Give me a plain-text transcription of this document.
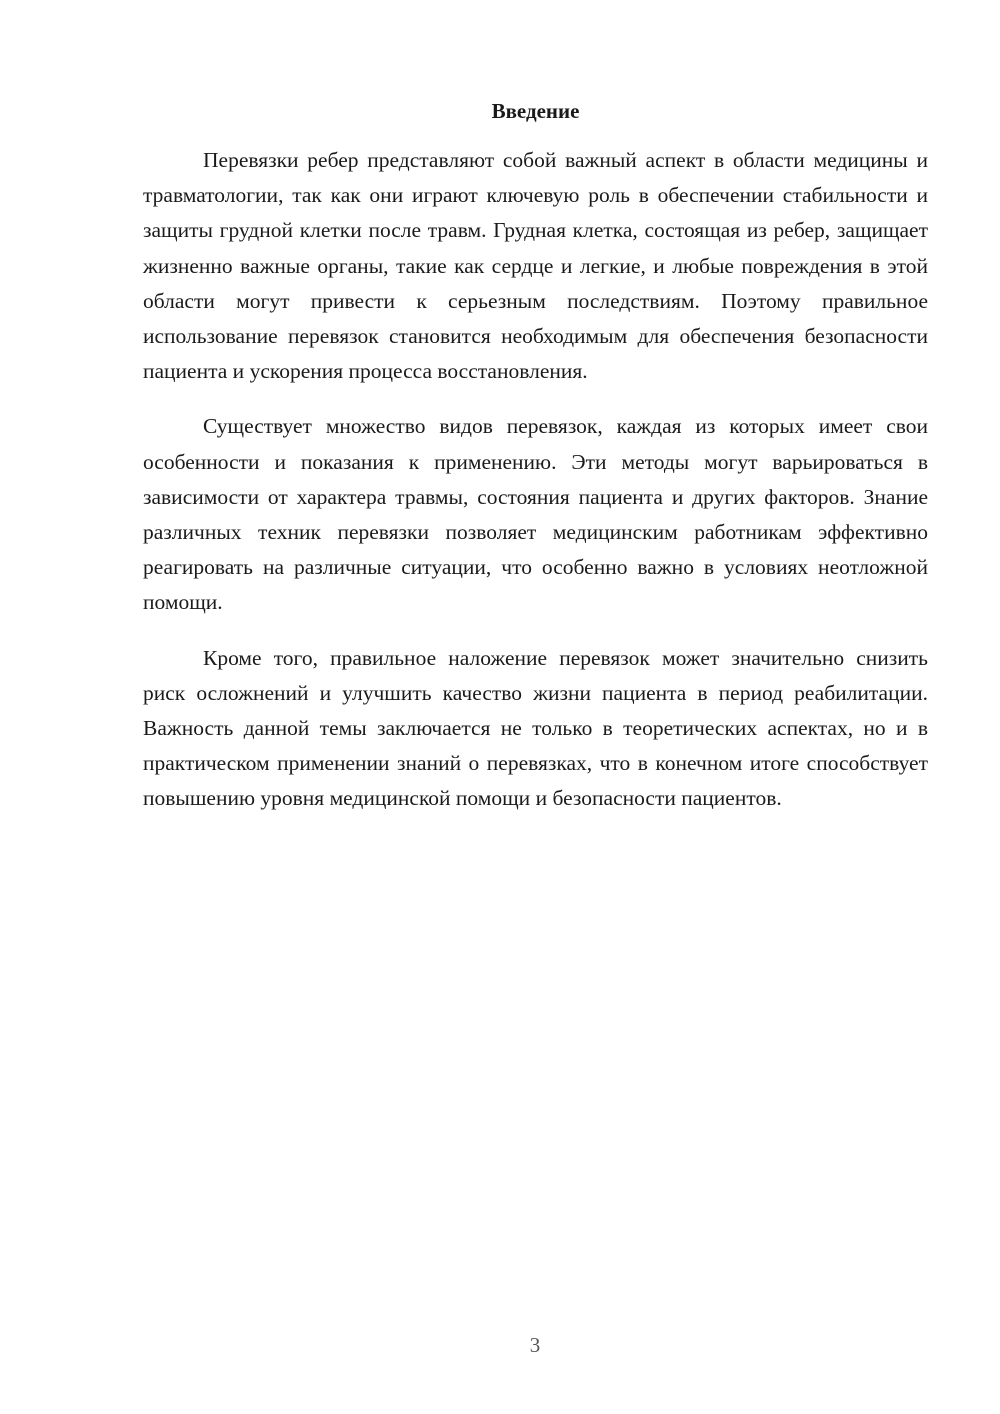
Введение

Перевязки ребер представляют собой важный аспект в области медицины и травматологии, так как они играют ключевую роль в обеспечении стабильности и защиты грудной клетки после травм. Грудная клетка, состоящая из ребер, защищает жизненно важные органы, такие как сердце и легкие, и любые повреждения в этой области могут привести к серьезным последствиям. Поэтому правильное использование перевязок становится необходимым для обеспечения безопасности пациента и ускорения процесса восстановления.

Существует множество видов перевязок, каждая из которых имеет свои особенности и показания к применению. Эти методы могут варьироваться в зависимости от характера травмы, состояния пациента и других факторов. Знание различных техник перевязки позволяет медицинским работникам эффективно реагировать на различные ситуации, что особенно важно в условиях неотложной помощи.

Кроме того, правильное наложение перевязок может значительно снизить риск осложнений и улучшить качество жизни пациента в период реабилитации. Важность данной темы заключается не только в теоретических аспектах, но и в практическом применении знаний о перевязках, что в конечном итоге способствует повышению уровня медицинской помощи и безопасности пациентов.

3
